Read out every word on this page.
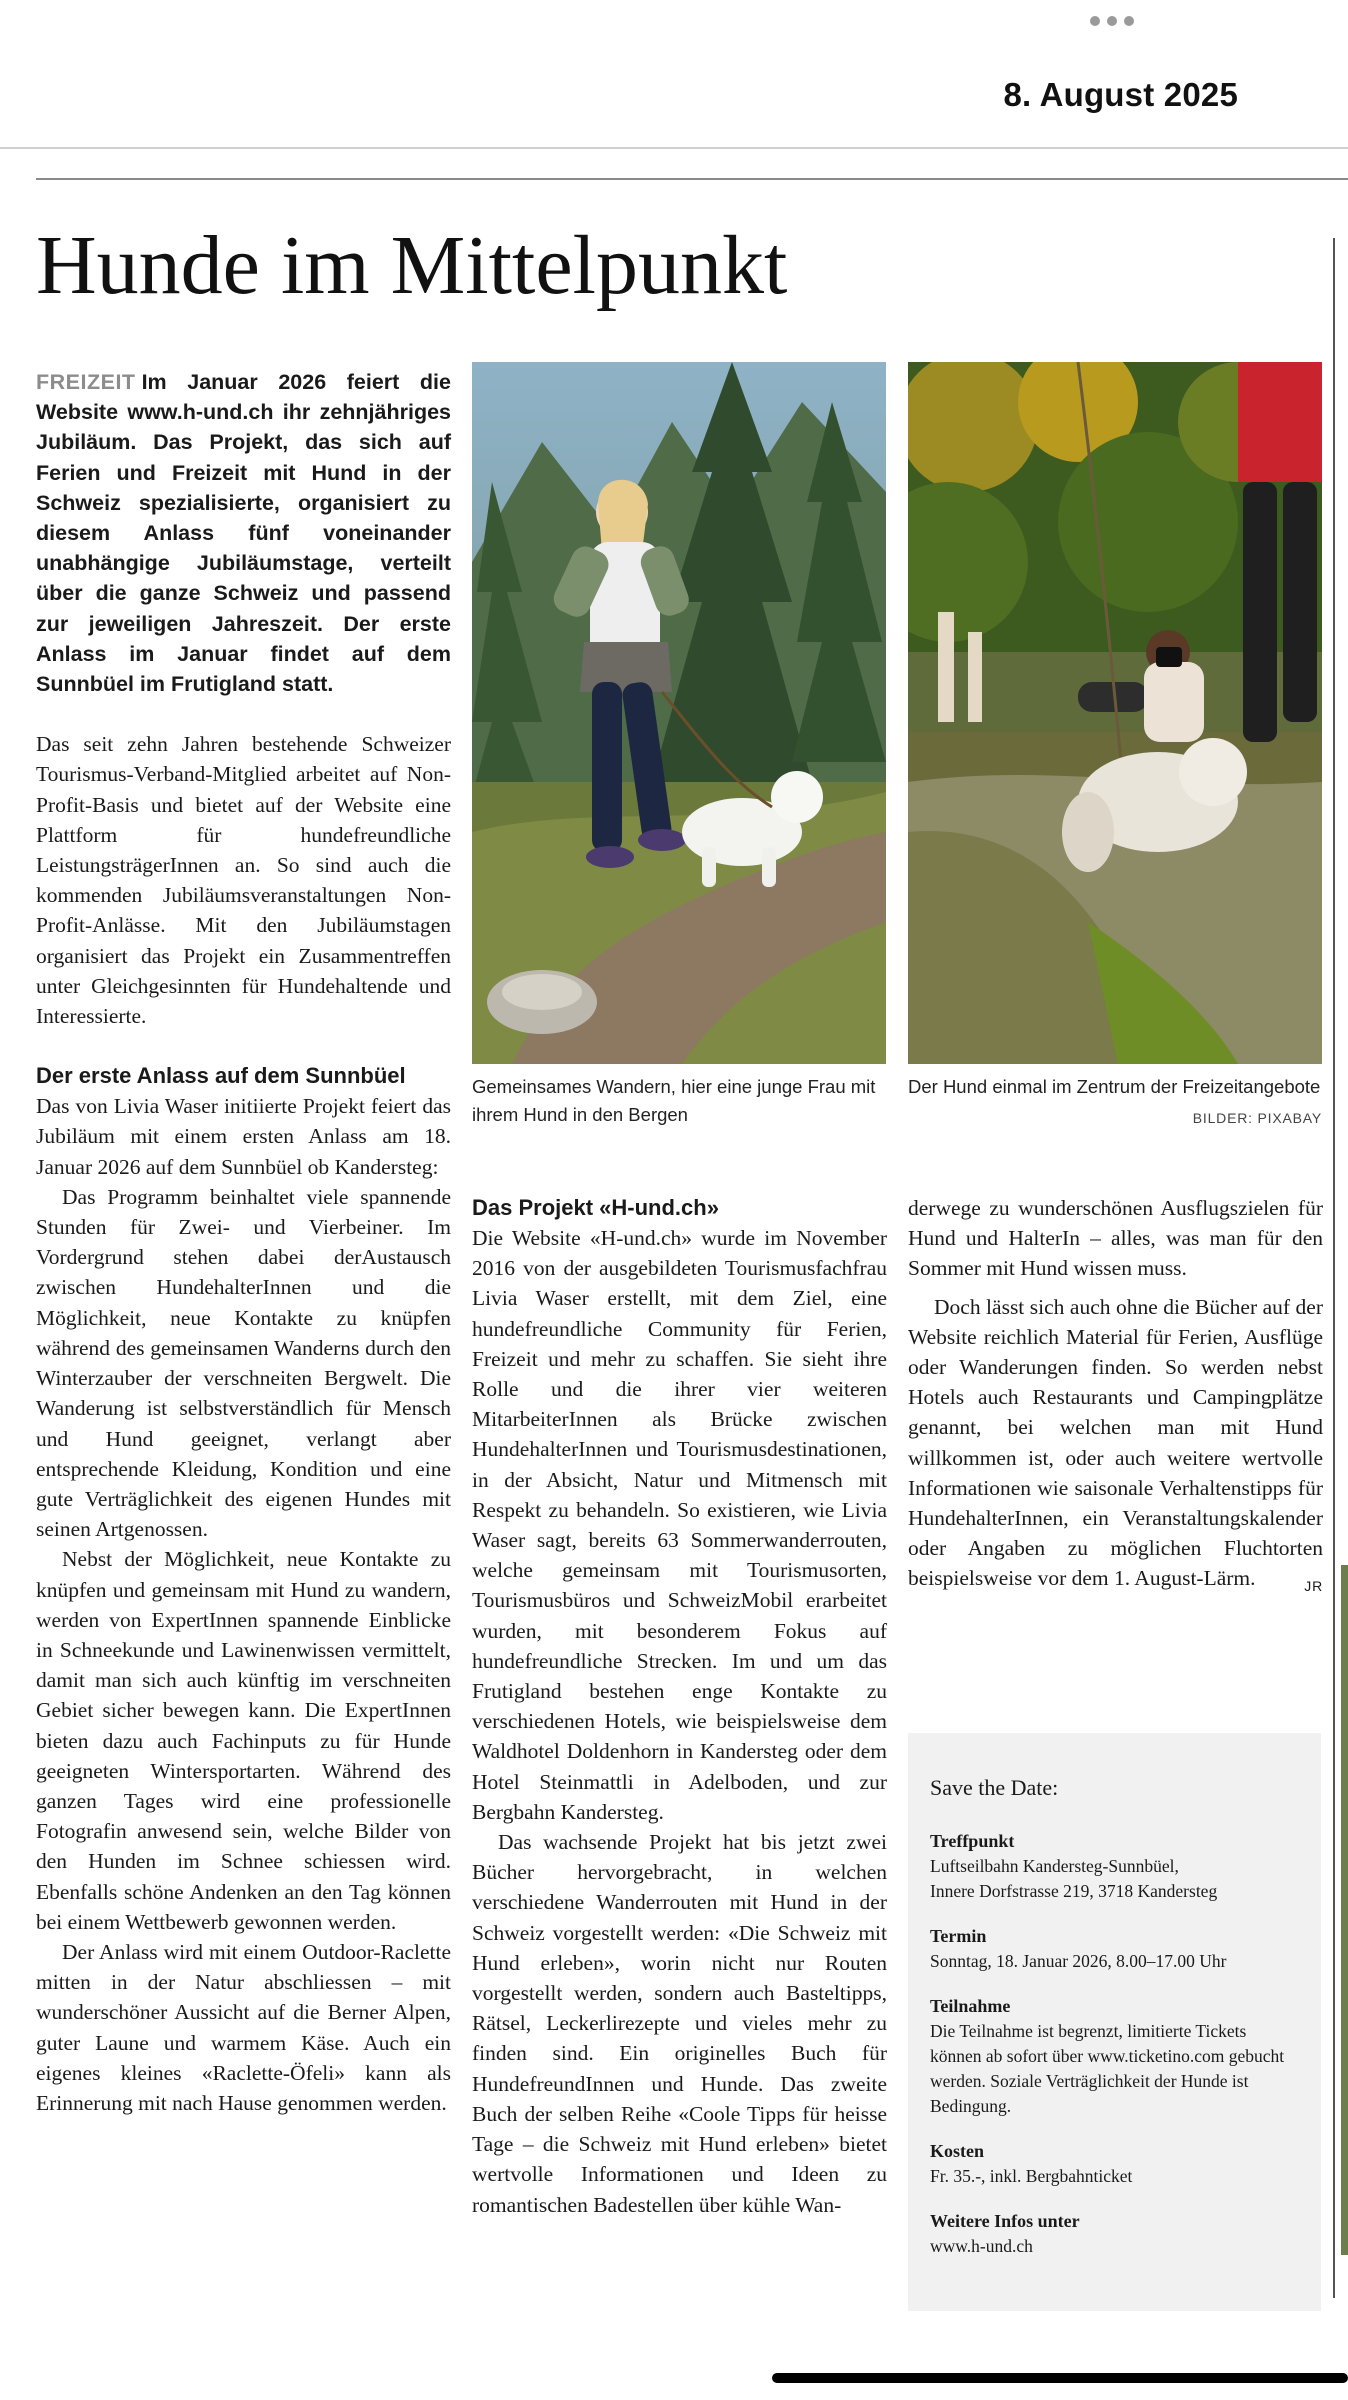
8. August 2025
Hunde im Mittelpunkt
FREIZEIT Im Januar 2026 feiert die Website www.h-und.ch ihr zehnjähriges Jubiläum. Das Projekt, das sich auf Ferien und Freizeit mit Hund in der Schweiz spezialisierte, organisiert zu diesem Anlass fünf voneinander unabhängige Jubiläumstage, verteilt über die ganze Schweiz und passend zur jeweiligen Jahreszeit. Der erste Anlass im Januar findet auf dem Sunnbüel im Frutigland statt.

Das seit zehn Jahren bestehende Schweizer Tourismus-Verband-Mitglied arbeitet auf Non-Profit-Basis und bietet auf der Website eine Plattform für hundefreundliche LeistungsträgerInnen an. So sind auch die kommenden Jubiläumsveranstaltungen Non-Profit-Anlässe. Mit den Jubiläumstagen organisiert das Projekt ein Zusammentreffen unter Gleichgesinnten für Hundehaltende und Interessierte.

Der erste Anlass auf dem Sunnbüel

Das von Livia Waser initiierte Projekt feiert das Jubiläum mit einem ersten Anlass am 18. Januar 2026 auf dem Sunnbüel ob Kandersteg:

Das Programm beinhaltet viele spannende Stunden für Zwei- und Vierbeiner. Im Vordergrund stehen dabei derAustausch zwischen HundehalterInnen und die Möglichkeit, neue Kontakte zu knüpfen während des gemeinsamen Wanderns durch den Winterzauber der verschneiten Bergwelt. Die Wanderung ist selbstverständlich für Mensch und Hund geeignet, verlangt aber entsprechende Kleidung, Kondition und eine gute Verträglichkeit des eigenen Hundes mit seinen Artgenossen.

Nebst der Möglichkeit, neue Kontakte zu knüpfen und gemeinsam mit Hund zu wandern, werden von ExpertInnen spannende Einblicke in Schneekunde und Lawinenwissen vermittelt, damit man sich auch künftig im verschneiten Gebiet sicher bewegen kann. Die ExpertInnen bieten dazu auch Fachinputs zu für Hunde geeigneten Wintersportarten. Während des ganzen Tages wird eine professionelle Fotografin anwesend sein, welche Bilder von den Hunden im Schnee schiessen wird. Ebenfalls schöne Andenken an den Tag können bei einem Wettbewerb gewonnen werden.

Der Anlass wird mit einem Outdoor-Raclette mitten in der Natur abschliessen – mit wunderschöner Aussicht auf die Berner Alpen, guter Laune und warmem Käse. Auch ein eigenes kleines «Raclette-Öfeli» kann als Erinnerung mit nach Hause genommen werden.

Gemeinsames Wandern, hier eine junge Frau mit ihrem Hund in den Bergen
Der Hund einmal im Zentrum der Freizeitangebote
BILDER: PIXABAY
Das Projekt «H-und.ch»

Die Website «H-und.ch» wurde im November 2016 von der ausgebildeten Tourismusfachfrau Livia Waser erstellt, mit dem Ziel, eine hundefreundliche Community für Ferien, Freizeit und mehr zu schaffen. Sie sieht ihre Rolle und die ihrer vier weiteren MitarbeiterInnen als Brücke zwischen HundehalterInnen und Tourismusdestinationen, in der Absicht, Natur und Mitmensch mit Respekt zu behandeln. So existieren, wie Livia Waser sagt, bereits 63 Sommerwanderrouten, welche gemeinsam mit Tourismusorten, Tourismusbüros und SchweizMobil erarbeitet wurden, mit besonderem Fokus auf hundefreundliche Strecken. Im und um das Frutigland bestehen enge Kontakte zu verschiedenen Hotels, wie beispielsweise dem Waldhotel Doldenhorn in Kandersteg oder dem Hotel Steinmattli in Adelboden, und zur Bergbahn Kandersteg.

Das wachsende Projekt hat bis jetzt zwei Bücher hervorgebracht, in welchen verschiedene Wanderrouten mit Hund in der Schweiz vorgestellt werden: «Die Schweiz mit Hund erleben», worin nicht nur Routen vorgestellt werden, sondern auch Basteltipps, Rätsel, Leckerlirezepte und vieles mehr zu finden sind. Ein originelles Buch für HundefreundInnen und Hunde. Das zweite Buch der selben Reihe «Coole Tipps für heisse Tage – die Schweiz mit Hund erleben» bietet wertvolle Informationen und Ideen zu romantischen Badestellen über kühle Wan-

derwege zu wunderschönen Ausflugszielen für Hund und HalterIn – alles, was man für den Sommer mit Hund wissen muss.

Doch lässt sich auch ohne die Bücher auf der Website reichlich Material für Ferien, Ausflüge oder Wanderungen finden. So werden nebst Hotels auch Restaurants und Campingplätze genannt, bei welchen man mit Hund willkommen ist, oder auch weitere wertvolle Informationen wie saisonale Verhaltenstipps für HundehalterInnen, ein Veranstaltungskalender oder Angaben zu möglichen Fluchtorten beispielsweise vor dem 1. August-Lärm.	JR

Save the Date:
Treffpunkt
Luftseilbahn Kandersteg-Sunnbüel,
Innere Dorfstrasse 219, 3718 Kandersteg
Termin
Sonntag, 18. Januar 2026, 8.00–17.00 Uhr
Teilnahme
Die Teilnahme ist begrenzt, limitierte Tickets können ab sofort über www.ticketino.com gebucht werden. Soziale Verträglichkeit der Hunde ist Bedingung.
Kosten
Fr. 35.-, inkl. Bergbahnticket
Weitere Infos unter
www.h-und.ch
